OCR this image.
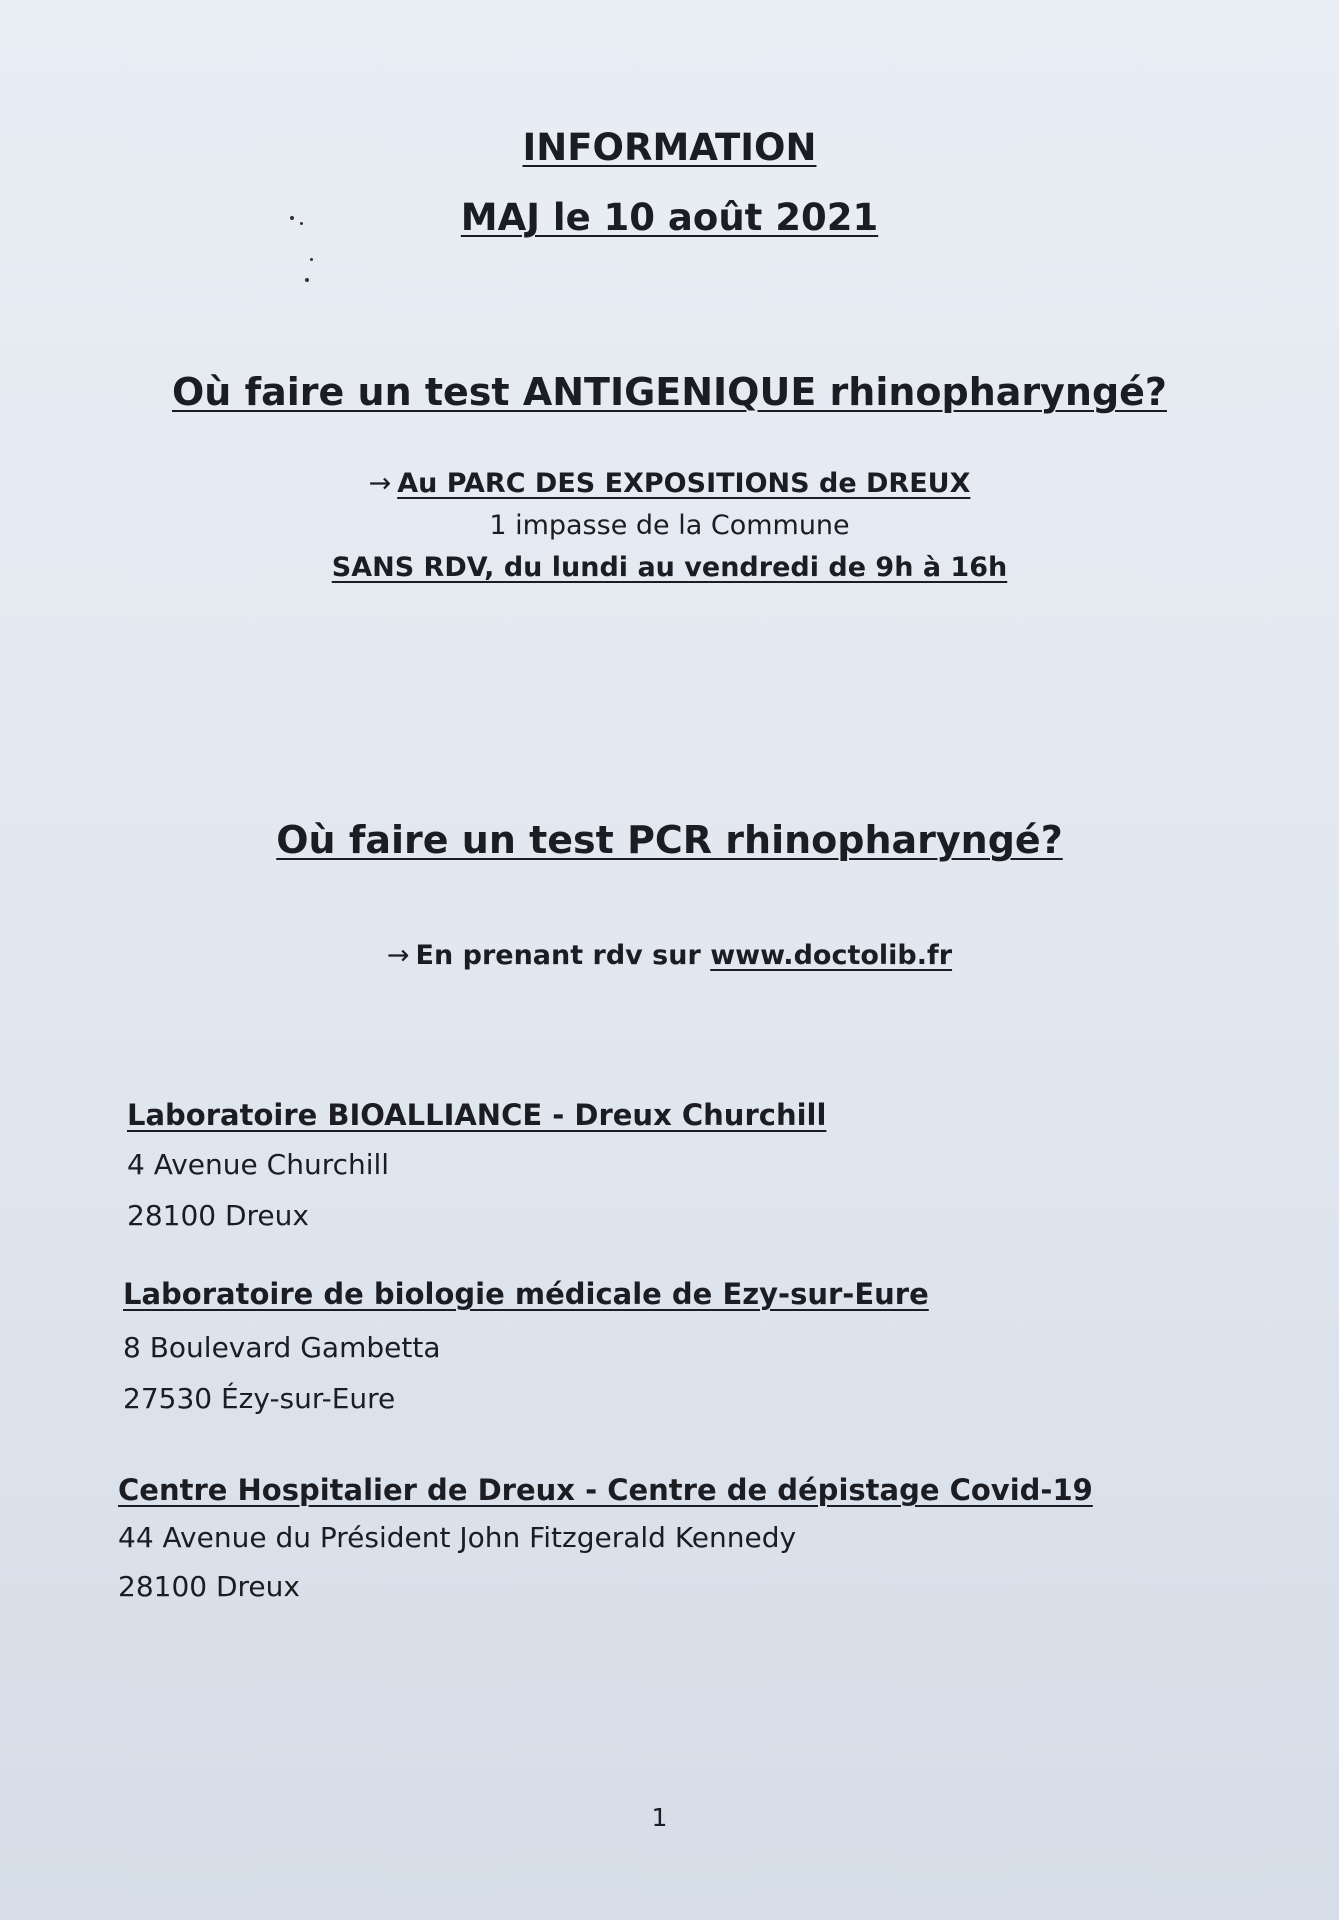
INFORMATION
MAJ le 10 août 2021
Où faire un test ANTIGENIQUE rhinopharyngé?
→ Au PARC DES EXPOSITIONS de DREUX
1 impasse de la Commune
SANS RDV, du lundi au vendredi de 9h à 16h
Où faire un test PCR rhinopharyngé?
→ En prenant rdv sur www.doctolib.fr
Laboratoire BIOALLIANCE - Dreux Churchill
4 Avenue Churchill
28100 Dreux
Laboratoire de biologie médicale de Ezy-sur-Eure
8 Boulevard Gambetta
27530 Ézy-sur-Eure
Centre Hospitalier de Dreux - Centre de dépistage Covid-19
44 Avenue du Président John Fitzgerald Kennedy
28100 Dreux
1
